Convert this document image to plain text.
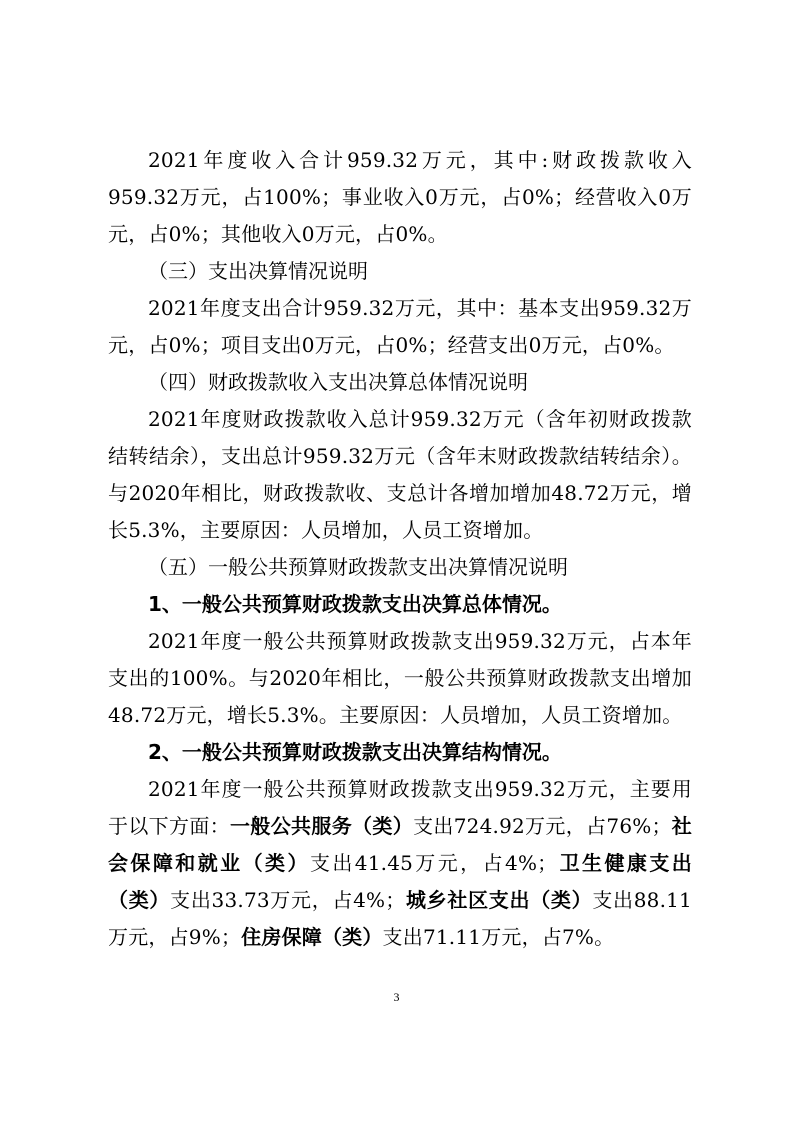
2021年度收入合计959.32万元，其中:财政拨款收入959.32万元，占100%；事业收入0万元，占0%；经营收入0万元，占0%；其他收入0万元，占0%。

（三）支出决算情况说明

2021年度支出合计959.32万元，其中：基本支出959.32万元，占0%；项目支出0万元，占0%；经营支出0万元，占0%。

（四）财政拨款收入支出决算总体情况说明

2021年度财政拨款收入总计959.32万元（含年初财政拨款结转结余），支出总计959.32万元（含年末财政拨款结转结余）。与2020年相比，财政拨款收、支总计各增加增加48.72万元，增长5.3%，主要原因：人员增加，人员工资增加。

（五）一般公共预算财政拨款支出决算情况说明

1、一般公共预算财政拨款支出决算总体情况。

2021年度一般公共预算财政拨款支出959.32万元，占本年支出的100%。与2020年相比，一般公共预算财政拨款支出增加48.72万元，增长5.3%。主要原因：人员增加，人员工资增加。

2、一般公共预算财政拨款支出决算结构情况。

2021年度一般公共预算财政拨款支出959.32万元，主要用于以下方面：一般公共服务（类）支出724.92万元，占76%；社会保障和就业（类）支出41.45万元，占4%；卫生健康支出（类）支出33.73万元，占4%；城乡社区支出（类）支出88.11万元，占9%；住房保障（类）支出71.11万元，占7%。

3
